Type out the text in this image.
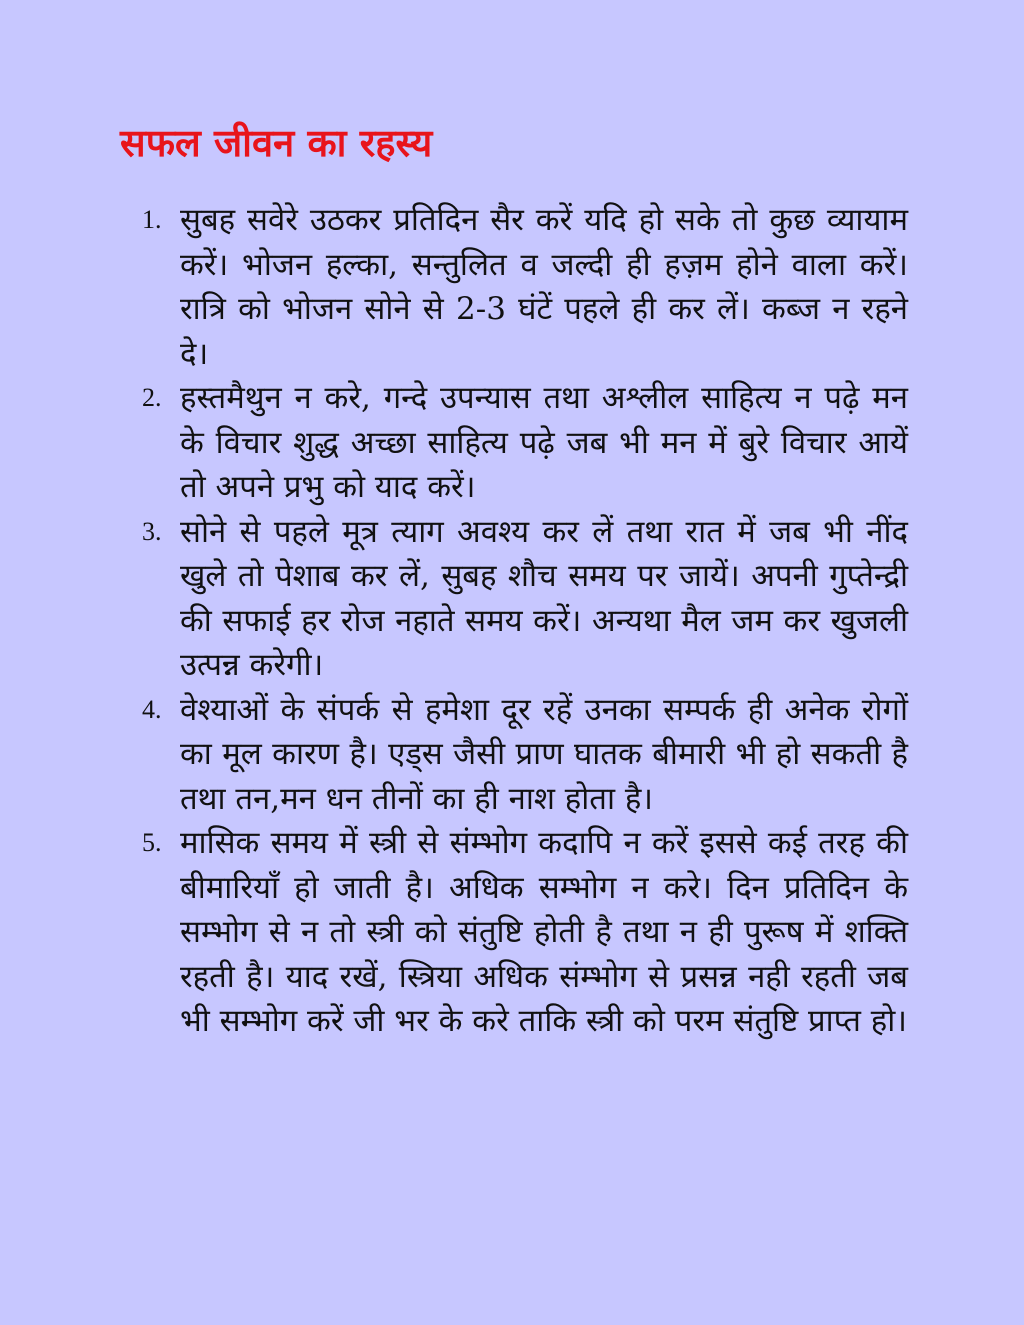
सफल जीवन का रहस्य
1. सुबह सवेरे उठकर प्रतिदिन सैर करें यदि हो सके तो कुछ व्यायाम करें। भोजन हल्का, सन्तुलित व जल्दी ही हज़म होने वाला करें। रात्रि को भोजन सोने से 2-3 घंटें पहले ही कर लें। कब्ज न रहने दे।
2. हस्तमैथुन न करे, गन्दे उपन्यास तथा अश्लील साहित्य न पढ़े मन के विचार शुद्ध अच्छा साहित्य पढ़े जब भी मन में बुरे विचार आयें तो अपने प्रभु को याद करें।
3. सोने से पहले मूत्र त्याग अवश्य कर लें तथा रात में जब भी नींद खुले तो पेशाब कर लें, सुबह शौच समय पर जायें। अपनी गुप्तेन्द्री की सफाई हर रोज नहाते समय करें। अन्यथा मैल जम कर खुजली उत्पन्न करेगी।
4. वेश्याओं के संपर्क से हमेशा दूर रहें उनका सम्पर्क ही अनेक रोगों का मूल कारण है। एड्स जैसी प्राण घातक बीमारी भी हो सकती है तथा तन,मन धन तीनों का ही नाश होता है।
5. मासिक समय में स्त्री से संम्भोग कदापि न करें इससे कई तरह की बीमारियाँ हो जाती है। अधिक सम्भोग न करे। दिन प्रतिदिन के सम्भोग से न तो स्त्री को संतुष्टि होती है तथा न ही पुरूष में शक्ति रहती है। याद रखें, स्त्रिया अधिक संम्भोग से प्रसन्न नही रहती जब भी सम्भोग करें जी भर के करे ताकि स्त्री को परम संतुष्टि प्राप्त हो।
